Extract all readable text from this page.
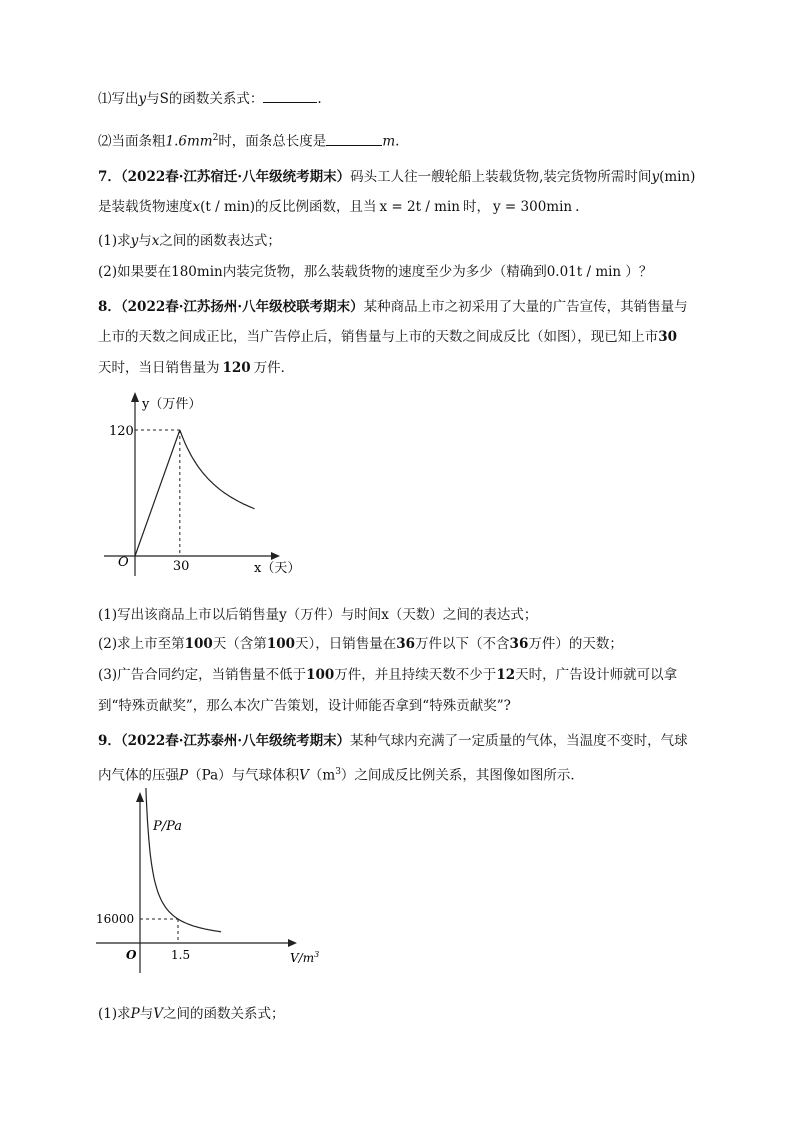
⑴写出y与S的函数关系式：	.
⑵当面条粗$1.6mm^2$时，面条总长度是	m.
7．（2022春·江苏宿迁·八年级统考期末）码头工人往一艘轮船上装载货物,装完货物所需时间y(min)
是装载货物速度x(t / min)的反比例函数，且当 x = 2t / min 时， y = 300min .
(1)求y与x之间的函数表达式；
(2)如果要在180min内装完货物，那么装载货物的速度至少为多少（精确到0.01t / min ）？
8．（2022春·江苏扬州·八年级校联考期末）某种商品上市之初采用了大量的广告宣传，其销售量与
上市的天数之间成正比，当广告停止后，销售量与上市的天数之间成反比（如图），现已知上市30
天时，当日销售量为 120 万件．
y（万件）
O
120
30	x（天）
(1)写出该商品上市以后销售量y（万件）与时间x（天数）之间的表达式；
(2)求上市至第100天（含第100天），日销售量在36万件以下（不含36万件）的天数；
(3)广告合同约定，当销售量不低于100万件，并且持续天数不少于12天时，广告设计师就可以拿
到“特殊贡献奖”，那么本次广告策划，设计师能否拿到“特殊贡献奖”?
9．（2022春·江苏泰州·八年级统考期末）某种气球内充满了一定质量的气体，当温度不变时，气球
内气体的压强P（Pa）与气球体积$V(m^3)$之间成反比例关系，其图像如图所示．
P/Pa
O
16000
1.5	$V/m^3$
(1)求P与V之间的函数关系式；
